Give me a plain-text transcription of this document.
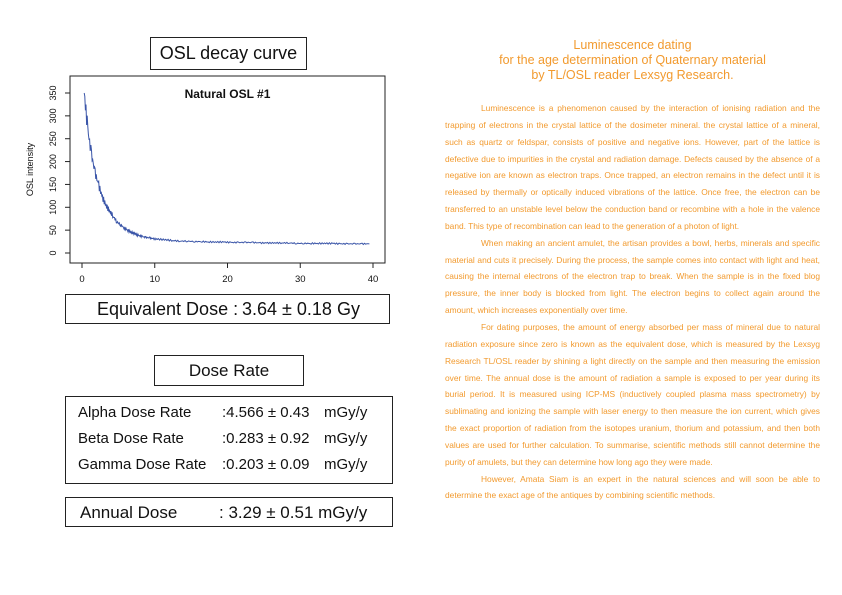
OSL decay curve
Natural OSL #1
0
50
100
150
200
250
300
350
0	10	20	30	40
OSL intensity
Equivalent Dose : 3.64 ± 0.18 Gy
Dose Rate
Alpha Dose Rate :4.566 ± 0.43 mGy/y
Beta Dose Rate	:0.283 ± 0.92 mGy/y
Gamma Dose Rate :0.203 ± 0.09 mGy/y
Annual Dose : 3.29 ± 0.51 mGy/y
Luminescence dating
for the age determination of Quaternary material
by TL/OSL reader Lexsyg Research.

Luminescence is a phenomenon caused by the interaction of ionising radiation and the trapping of electrons in the crystal lattice of the dosimeter mineral. the crystal lattice of a mineral, such as quartz or feldspar, consists of positive and negative ions. However, part of the lattice is defective due to impurities in the crystal and radiation damage. Defects caused by the absence of a negative ion are known as electron traps. Once trapped, an electron remains in the defect until it is released by thermally or optically induced vibrations of the lattice. Once free, the electron can be transferred to an unstable level below the conduction band or recombine with a hole in the valence band. This type of recombination can lead to the generation of a photon of light.

When making an ancient amulet, the artisan provides a bowl, herbs, minerals and specific material and cuts it precisely. During the process, the sample comes into contact with light and heat, causing the internal electrons of the electron trap to break. When the sample is in the fixed blog pressure, the inner body is blocked from light. The electron begins to collect again around the amount, which increases exponentially over time.

For dating purposes, the amount of energy absorbed per mass of mineral due to natural radiation exposure since zero is known as the equivalent dose, which is measured by the Lexsyg Research TL/OSL reader by shining a light directly on the sample and then measuring the emission over time. The annual dose is the amount of radiation a sample is exposed to per year during its burial period. It is measured using ICP-MS (inductively coupled plasma mass spectrometry) by sublimating and ionizing the sample with laser energy to then measure the ion current, which gives the exact proportion of radiation from the isotopes uranium, thorium and potassium, and then both values are used for further calculation. To summarise, scientific methods still cannot determine the purity of amulets, but they can determine how long ago they were made.

However, Amata Siam is an expert in the natural sciences and will soon be able to determine the exact age of the antiques by combining scientific methods.
